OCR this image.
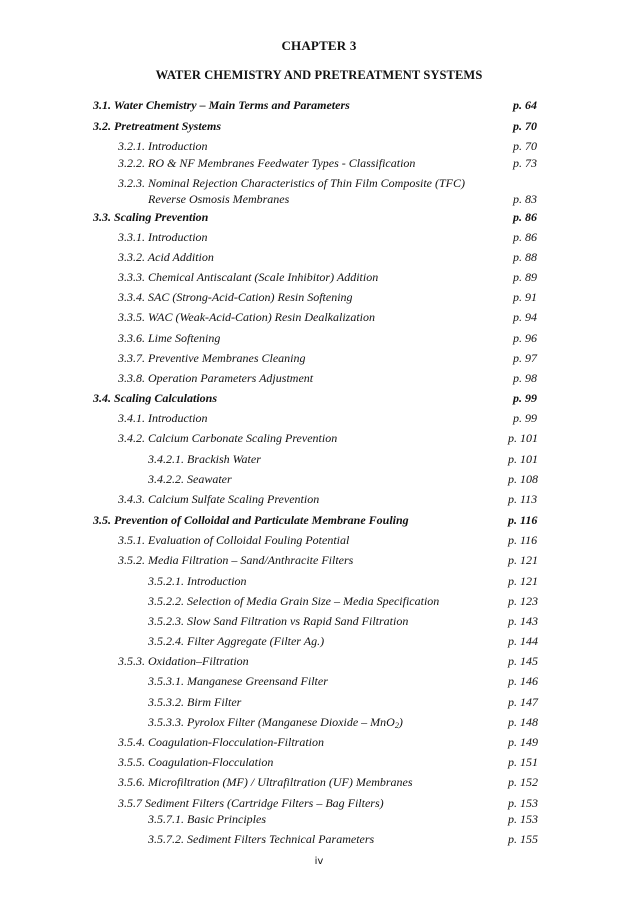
CHAPTER 3
WATER CHEMISTRY AND PRETREATMENT SYSTEMS
3.1. Water Chemistry – Main Terms and Parameters	p. 64
3.2. Pretreatment Systems	p. 70
3.2.1. Introduction	p. 70
3.2.2. RO & NF Membranes Feedwater Types - Classification	p. 73
3.2.3. Nominal Rejection Characteristics of Thin Film Composite (TFC)
Reverse Osmosis Membranes	p. 83
3.3. Scaling Prevention	p. 86
3.3.1. Introduction	p. 86
3.3.2. Acid Addition	p. 88
3.3.3. Chemical Antiscalant (Scale Inhibitor) Addition	p. 89
3.3.4. SAC (Strong-Acid-Cation) Resin Softening	p. 91
3.3.5. WAC (Weak-Acid-Cation) Resin Dealkalization	p. 94
3.3.6. Lime Softening	p. 96
3.3.7. Preventive Membranes Cleaning	p. 97
3.3.8. Operation Parameters Adjustment	p. 98
3.4. Scaling Calculations	p. 99
3.4.1. Introduction	p. 99
3.4.2. Calcium Carbonate Scaling Prevention	p. 101
3.4.2.1. Brackish Water	p. 101
3.4.2.2. Seawater	p. 108
3.4.3. Calcium Sulfate Scaling Prevention	p. 113
3.5. Prevention of Colloidal and Particulate Membrane Fouling	p. 116
3.5.1. Evaluation of Colloidal Fouling Potential	p. 116
3.5.2. Media Filtration – Sand/Anthracite Filters	p. 121
3.5.2.1. Introduction	p. 121
3.5.2.2. Selection of Media Grain Size – Media Specification	p. 123
3.5.2.3. Slow Sand Filtration vs Rapid Sand Filtration	p. 143
3.5.2.4. Filter Aggregate (Filter Ag.)	p. 144
3.5.3. Oxidation–Filtration	p. 145
3.5.3.1. Manganese Greensand Filter	p. 146
3.5.3.2. Birm Filter	p. 147
3.5.3.3. Pyrolox Filter (Manganese Dioxide – MnO$_2$)	p. 148
3.5.4. Coagulation-Flocculation-Filtration	p. 149
3.5.5. Coagulation-Flocculation	p. 151
3.5.6. Microfiltration (MF) / Ultrafiltration (UF) Membranes	p. 152
3.5.7 Sediment Filters (Cartridge Filters – Bag Filters)	p. 153
3.5.7.1. Basic Principles	p. 153
3.5.7.2. Sediment Filters Technical Parameters	p. 155
iv
